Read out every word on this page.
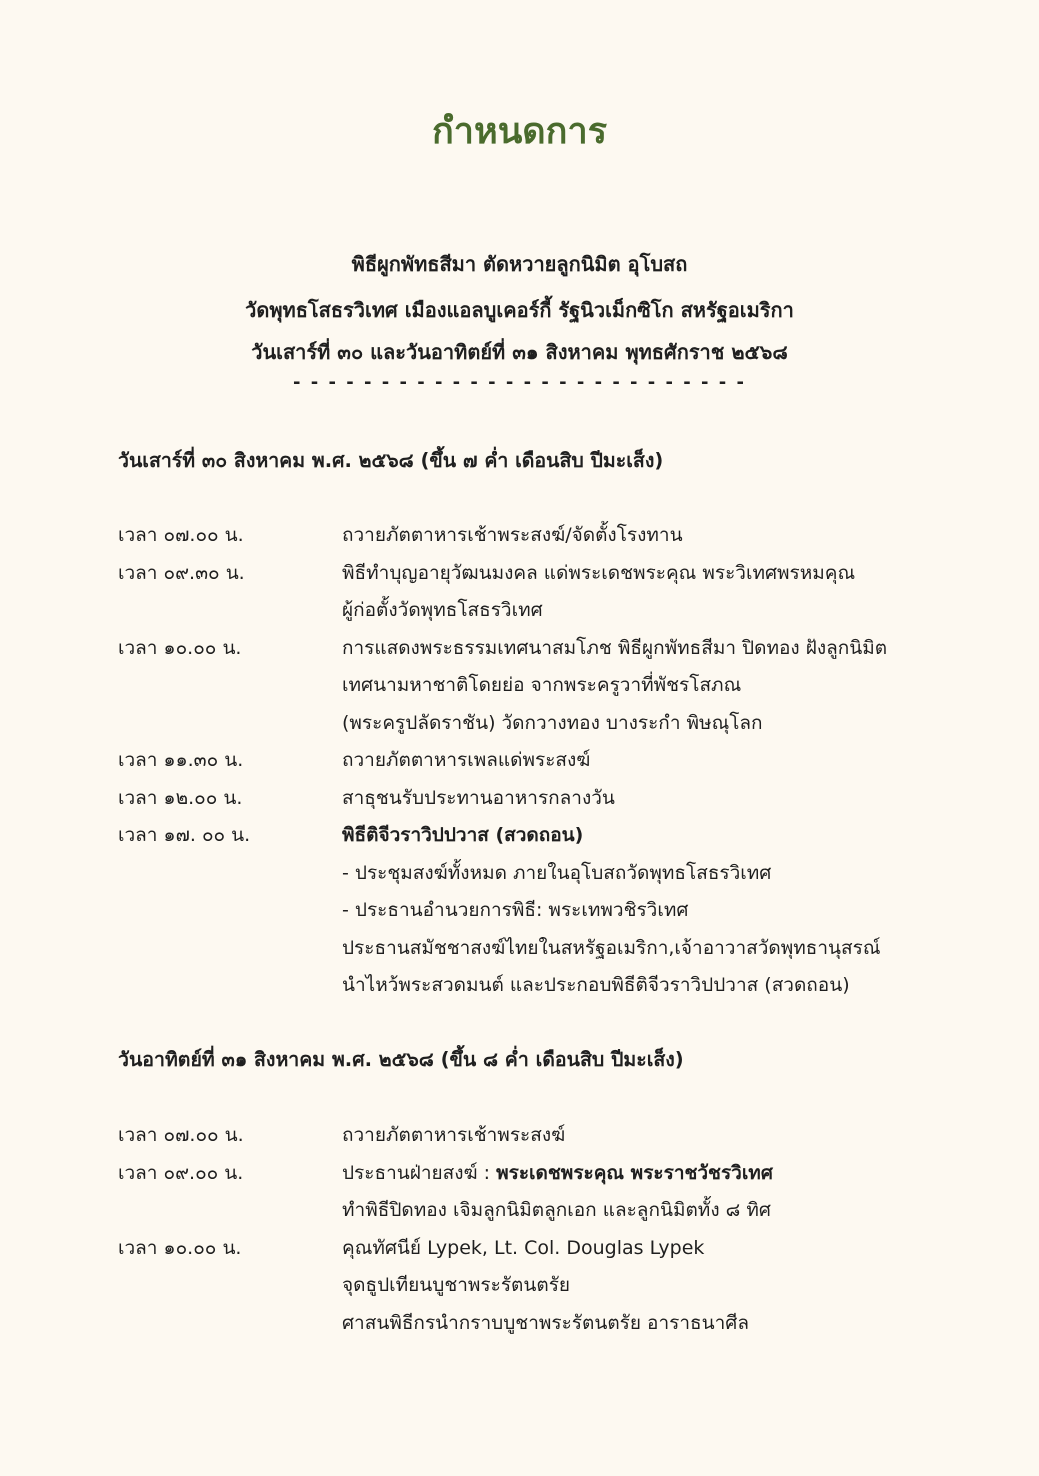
กำหนดการ
พิธีผูกพัทธสีมา ตัดหวายลูกนิมิต อุโบสถ
วัดพุทธโสธรวิเทศ เมืองแอลบูเคอร์กี้ รัฐนิวเม็กซิโก สหรัฐอเมริกา
วันเสาร์ที่ ๓๐ และวันอาทิตย์ที่ ๓๑ สิงหาคม พุทธศักราช ๒๕๖๘
- - - - - - - - - - - - - - - - - - - - - - - - - -
วันเสาร์ที่ ๓๐ สิงหาคม พ.ศ. ๒๕๖๘ (ขึ้น ๗ ค่ำ เดือนสิบ ปีมะเส็ง)
เวลา ๐๗.๐๐ น.	ถวายภัตตาหารเช้าพระสงฆ์/จัดตั้งโรงทาน
เวลา ๐๙.๓๐ น.	พิธีทำบุญอายุวัฒนมงคล แด่พระเดชพระคุณ พระวิเทศพรหมคุณ
ผู้ก่อตั้งวัดพุทธโสธรวิเทศ
เวลา ๑๐.๐๐ น.	การแสดงพระธรรมเทศนาสมโภช พิธีผูกพัทธสีมา ปิดทอง ฝังลูกนิมิต
เทศนามหาชาติโดยย่อ จากพระครูวาที่พัชรโสภณ
(พระครูปลัดราชัน) วัดกวางทอง บางระกำ พิษณุโลก
เวลา ๑๑.๓๐ น.	ถวายภัตตาหารเพลแด่พระสงฆ์
เวลา ๑๒.๐๐ น.	สาธุชนรับประทานอาหารกลางวัน
เวลา ๑๗. ๐๐ น.	พิธีติจีวราวิปปวาส (สวดถอน)
- ประชุมสงฆ์ทั้งหมด ภายในอุโบสถวัดพุทธโสธรวิเทศ
- ประธานอำนวยการพิธี: พระเทพวชิรวิเทศ
ประธานสมัชชาสงฆ์ไทยในสหรัฐอเมริกา,เจ้าอาวาสวัดพุทธานุสรณ์
นำไหว้พระสวดมนต์ และประกอบพิธีติจีวราวิปปวาส (สวดถอน)
วันอาทิตย์ที่ ๓๑ สิงหาคม พ.ศ. ๒๕๖๘ (ขึ้น ๘ ค่ำ เดือนสิบ ปีมะเส็ง)
เวลา ๐๗.๐๐ น.	ถวายภัตตาหารเช้าพระสงฆ์
เวลา ๐๙.๐๐ น.	ประธานฝ่ายสงฆ์ : พระเดชพระคุณ พระราชวัชรวิเทศ
ทำพิธีปิดทอง เจิมลูกนิมิตลูกเอก และลูกนิมิตทั้ง ๘ ทิศ
เวลา ๑๐.๐๐ น.	คุณทัศนีย์ Lypek, Lt. Col. Douglas Lypek
จุดธูปเทียนบูชาพระรัตนตรัย
ศาสนพิธีกรนำกราบบูชาพระรัตนตรัย อาราธนาศีล
